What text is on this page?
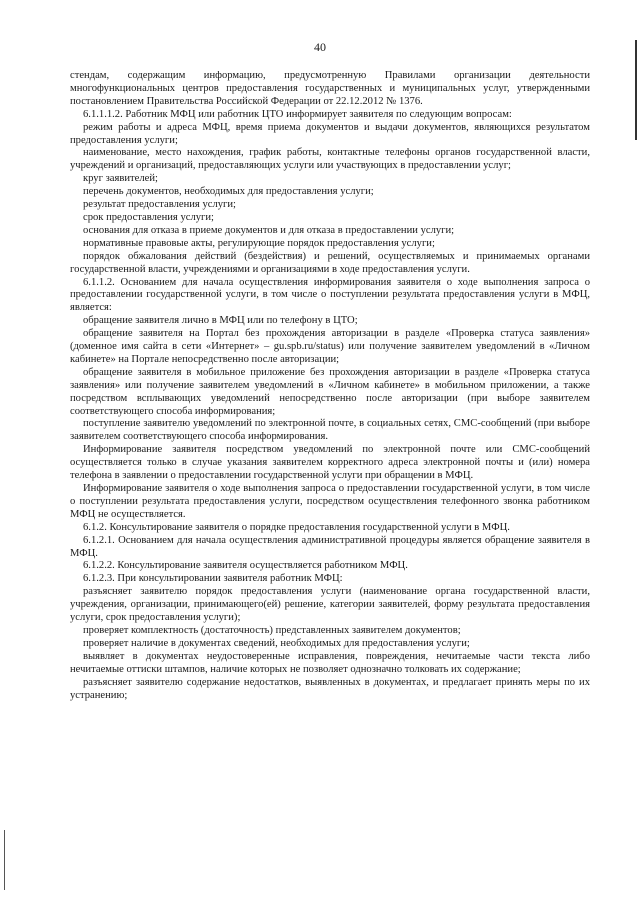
40

стендам, содержащим информацию, предусмотренную Правилами организации деятельности многофункциональных центров предоставления государственных и муниципальных услуг, утвержденными постановлением Правительства Российской Федерации от 22.12.2012 № 1376.

6.1.1.1.2. Работник МФЦ или работник ЦТО информирует заявителя по следующим вопросам:

режим работы и адреса МФЦ, время приема документов и выдачи документов, являющихся результатом предоставления услуги;

наименование, место нахождения, график работы, контактные телефоны органов государственной власти, учреждений и организаций, предоставляющих услуги или участвующих в предоставлении услуг;

круг заявителей;

перечень документов, необходимых для предоставления услуги;

результат предоставления услуги;

срок предоставления услуги;

основания для отказа в приеме документов и для отказа в предоставлении услуги;

нормативные правовые акты, регулирующие порядок предоставления услуги;

порядок обжалования действий (бездействия) и решений, осуществляемых и принимаемых органами государственной власти, учреждениями и организациями в ходе предоставления услуги.

6.1.1.2. Основанием для начала осуществления информирования заявителя о ходе выполнения запроса о предоставлении государственной услуги, в том числе о поступлении результата предоставления услуги в МФЦ, является:

обращение заявителя лично в МФЦ или по телефону в ЦТО;

обращение заявителя на Портал без прохождения авторизации в разделе «Проверка статуса заявления» (доменное имя сайта в сети «Интернет» – gu.spb.ru/status) или получение заявителем уведомлений в «Личном кабинете» на Портале непосредственно после авторизации;

обращение заявителя в мобильное приложение без прохождения авторизации в разделе «Проверка статуса заявления» или получение заявителем уведомлений в «Личном кабинете» в мобильном приложении, а также посредством всплывающих уведомлений непосредственно после авторизации (при выборе заявителем соответствующего способа информирования;

поступление заявителю уведомлений по электронной почте, в социальных сетях, СМС-сообщений (при выборе заявителем соответствующего способа информирования.

Информирование заявителя посредством уведомлений по электронной почте или СМС-сообщений осуществляется только в случае указания заявителем корректного адреса электронной почты и (или) номера телефона в заявлении о предоставлении государственной услуги при обращении в МФЦ.

Информирование заявителя о ходе выполнения запроса о предоставлении государственной услуги, в том числе о поступлении результата предоставления услуги, посредством осуществления телефонного звонка работником МФЦ не осуществляется.

6.1.2. Консультирование заявителя о порядке предоставления государственной услуги в МФЦ.

6.1.2.1. Основанием для начала осуществления административной процедуры является обращение заявителя в МФЦ.

6.1.2.2. Консультирование заявителя осуществляется работником МФЦ.

6.1.2.3. При консультировании заявителя работник МФЦ:

разъясняет заявителю порядок предоставления услуги (наименование органа государственной власти, учреждения, организации, принимающего(ей) решение, категории заявителей, форму результата предоставления услуги, срок предоставления услуги);

проверяет комплектность (достаточность) представленных заявителем документов;

проверяет наличие в документах сведений, необходимых для предоставления услуги;

выявляет в документах неудостоверенные исправления, повреждения, нечитаемые части текста либо нечитаемые оттиски штампов, наличие которых не позволяет однозначно толковать их содержание;

разъясняет заявителю содержание недостатков, выявленных в документах, и предлагает принять меры по их устранению;
